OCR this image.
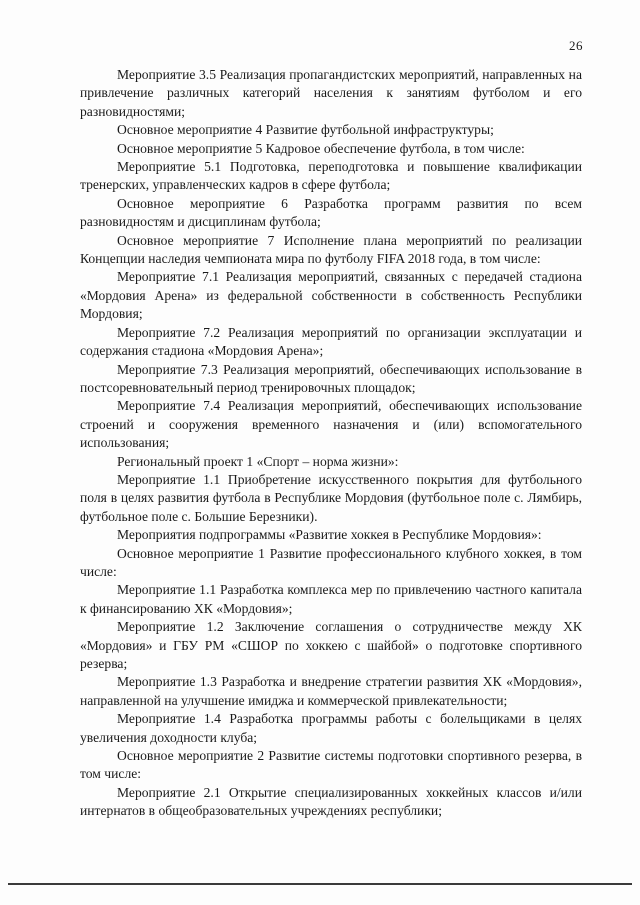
26

Мероприятие 3.5 Реализация пропагандистских мероприятий, направленных на привлечение различных категорий населения к занятиям футболом и его разновидностями;

Основное мероприятие 4 Развитие футбольной инфраструктуры;

Основное мероприятие 5 Кадровое обеспечение футбола, в том числе:

Мероприятие 5.1 Подготовка, переподготовка и повышение квалификации тренерских, управленческих кадров в сфере футбола;

Основное мероприятие 6 Разработка программ развития по всем разновидностям и дисциплинам футбола;

Основное мероприятие 7 Исполнение плана мероприятий по реализации Концепции наследия чемпионата мира по футболу FIFA 2018 года, в том числе:

Мероприятие 7.1 Реализация мероприятий, связанных с передачей стадиона «Мордовия Арена» из федеральной собственности в собственность Республики Мордовия;

Мероприятие 7.2 Реализация мероприятий по организации эксплуатации и содержания стадиона «Мордовия Арена»;

Мероприятие 7.3 Реализация мероприятий, обеспечивающих использование в постсоревновательный период тренировочных площадок;

Мероприятие 7.4 Реализация мероприятий, обеспечивающих использование строений и сооружения временного назначения и (или) вспомогательного использования;

Региональный проект 1 «Спорт – норма жизни»:

Мероприятие 1.1 Приобретение искусственного покрытия для футбольного поля в целях развития футбола в Республике Мордовия (футбольное поле с. Лямбирь, футбольное поле с. Большие Березники).

Мероприятия подпрограммы «Развитие хоккея в Республике Мордовия»:

Основное мероприятие 1 Развитие профессионального клубного хоккея, в том числе:

Мероприятие 1.1 Разработка комплекса мер по привлечению частного капитала к финансированию ХК «Мордовия»;

Мероприятие 1.2 Заключение соглашения о сотрудничестве между ХК «Мордовия» и ГБУ РМ «СШОР по хоккею с шайбой» о подготовке спортивного резерва;

Мероприятие 1.3 Разработка и внедрение стратегии развития ХК «Мордовия», направленной на улучшение имиджа и коммерческой привлекательности;

Мероприятие 1.4 Разработка программы работы с болельщиками в целях увеличения доходности клуба;

Основное мероприятие 2 Развитие системы подготовки спортивного резерва, в том числе:

Мероприятие 2.1 Открытие специализированных хоккейных классов и/или интернатов в общеобразовательных учреждениях республики;
